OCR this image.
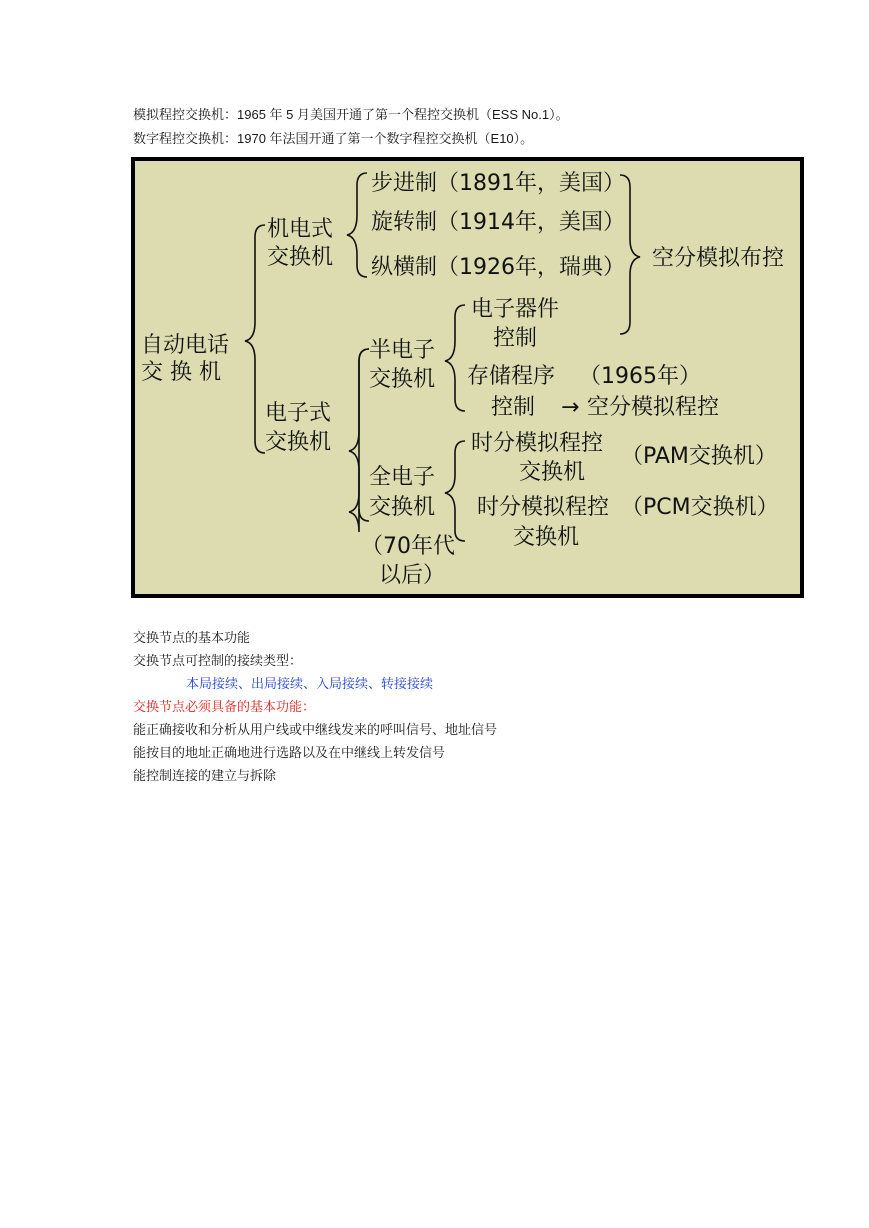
模拟程控交换机：1965 年 5 月美国开通了第一个程控交换机（ESS No.1）。
数字程控交换机：1970 年法国开通了第一个数字程控交换机（E10）。
自动电话
交 换 机
机电式
交换机
步进制（1891年，美国）
旋转制（1914年，美国）
纵横制（1926年，瑞典） 空分模拟布控
电子式
交换机
半电子
交换机
电子器件
控制
存储程序 （1965年）
控制 → 空分模拟程控
全电子
交换机
时分模拟程控
交换机
（PAM交换机）
时分模拟程控
交换机
（PCM交换机）
（70年代
以后）
交换节点的基本功能
交换节点可控制的接续类型：
本局接续、出局接续、入局接续、转接接续
交换节点必须具备的基本功能：
能正确接收和分析从用户线或中继线发来的呼叫信号、地址信号
能按目的地址正确地进行选路以及在中继线上转发信号
能控制连接的建立与拆除
